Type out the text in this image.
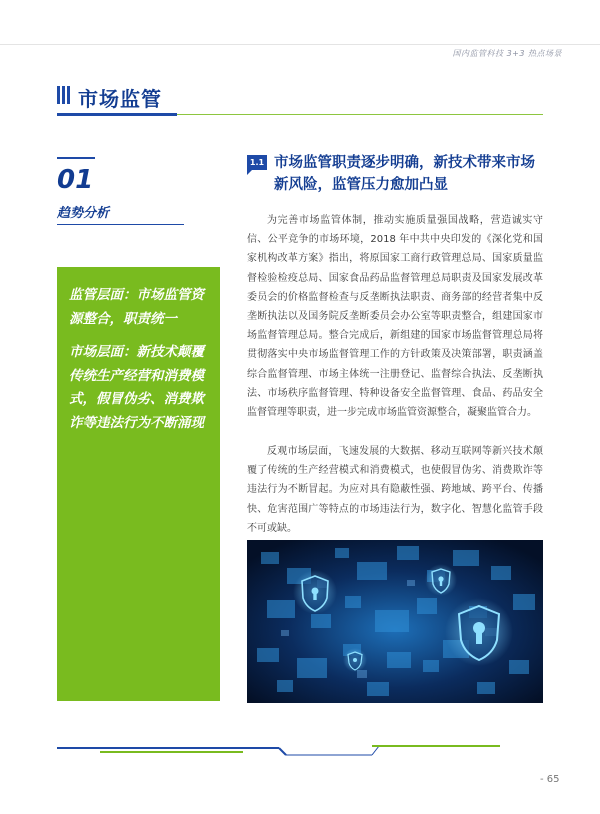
国内监管科技 3+3 热点场景
市场监管
01
趋势分析

监管层面：市场监管资源整合，职责统一

市场层面：新技术颠覆传统生产经营和消费模式，假冒伪劣、消费欺诈等违法行为不断涌现

1.1 市场监管职责逐步明确，新技术带来市场新风险，监管压力愈加凸显

为完善市场监管体制，推动实施质量强国战略，营造诚实守信、公平竞争的市场环境，2018 年中共中央印发的《深化党和国家机构改革方案》指出，将原国家工商行政管理总局、国家质量监督检验检疫总局、国家食品药品监督管理总局职责及国家发展改革委员会的价格监督检查与反垄断执法职责、商务部的经营者集中反垄断执法以及国务院反垄断委员会办公室等职责整合，组建国家市场监督管理总局。整合完成后，新组建的国家市场监督管理总局将贯彻落实中央市场监督管理工作的方针政策及决策部署，职责涵盖综合监督管理、市场主体统一注册登记、监督综合执法、反垄断执法、市场秩序监督管理、特种设备安全监督管理、食品、药品安全监督管理等职责，进一步完成市场监管资源整合，凝聚监管合力。

反观市场层面，飞速发展的大数据、移动互联网等新兴技术颠覆了传统的生产经营模式和消费模式，也使假冒伪劣、消费欺诈等违法行为不断冒起。为应对具有隐蔽性强、跨地域、跨平台、传播快、危害范围广等特点的市场违法行为，数字化、智慧化监管手段不可或缺。

- 65
